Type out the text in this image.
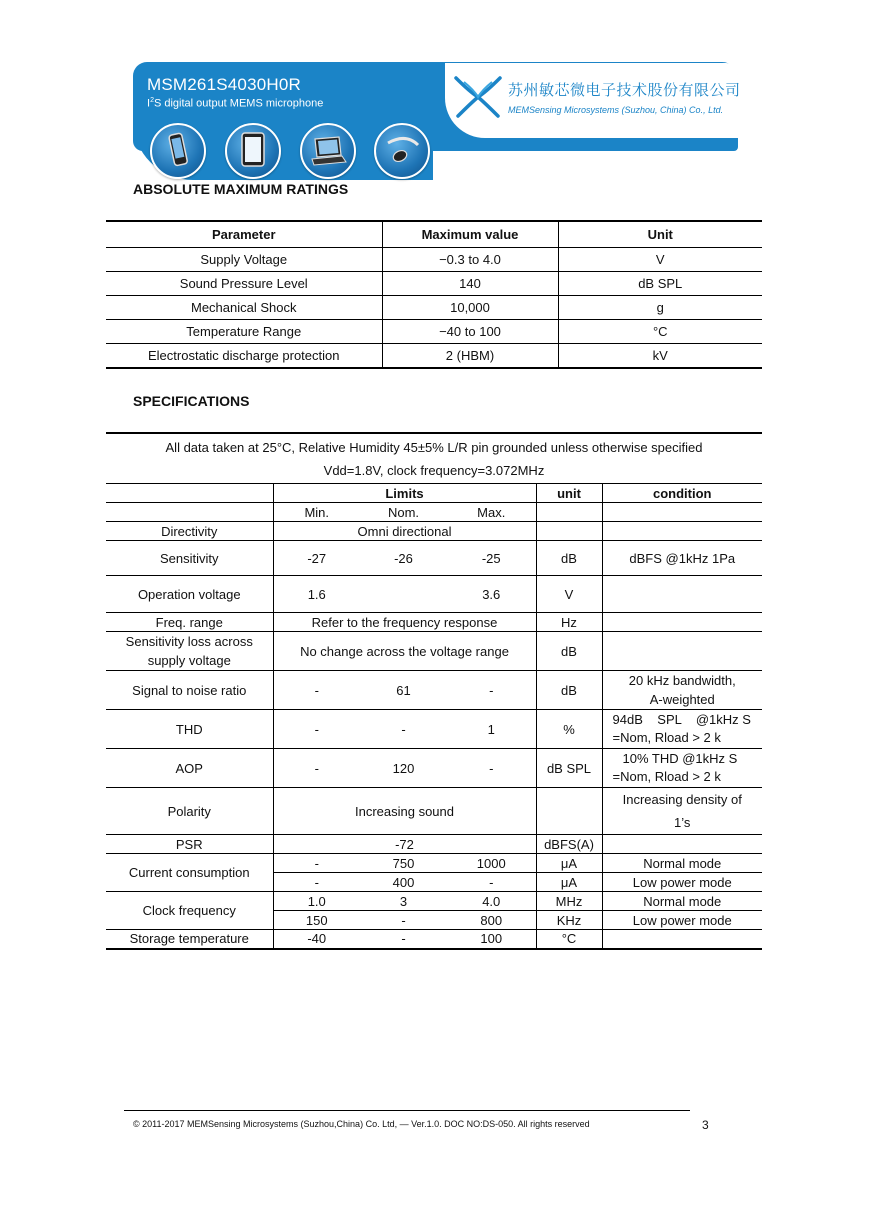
MSM261S4030H0R
$I^2S$ digital output MEMS microphone
苏州敏芯微电子技术股份有限公司
MEMSensing Microsystems (Suzhou, China) Co., Ltd.
ABSOLUTE MAXIMUM RATINGS
Parameter	Maximum value	Unit
Supply Voltage	−0.3 to 4.0	V
Sound Pressure Level	140	dB SPL
Mechanical Shock	10,000	g
Temperature Range	−40 to 100	°C
Electrostatic discharge protection	2 (HBM)	kV
SPECIFICATIONS
All data taken at 25°C, Relative Humidity 45±5% L/R pin grounded unless otherwise specified
Vdd=1.8V, clock frequency=3.072MHz					

	Limits			unit	condition
	Min.	Nom.	Max.		
Directivity	Omni directional				
Sensitivity	-27	-26	-25	dB	dBFS @1kHz 1Pa
Operation voltage	1.6		3.6	V	
Freq. range	Refer to the frequency response			Hz	

Sensitivity loss across
supply voltage	No change across the voltage range			dB	
Signal to noise ratio	-	61	-	dB	20 kHz bandwidth,
A-weighted

THD	-	-	1	%	94dB    SPL    @1kHz S
=Nom, Rload > 2 k

AOP	-	120	-	dB SPL	10% THD @1kHz S
=Nom, Rload > 2 k

Polarity	Increasing sound				Increasing density of
1’s

PSR	-72			dBFS(A)	
Current consumption	-	750	1000	μA	Normal mode
	-	400	-	μA	Low power mode
Clock frequency	1.0	3	4.0	MHz	Normal mode
	150	-	800	KHz	Low power mode
Storage temperature	-40	-	100	°C	
© 2011-2017 MEMSensing Microsystems (Suzhou,China) Co. Ltd, — Ver.1.0. DOC NO:DS-050. All rights reserved	3
